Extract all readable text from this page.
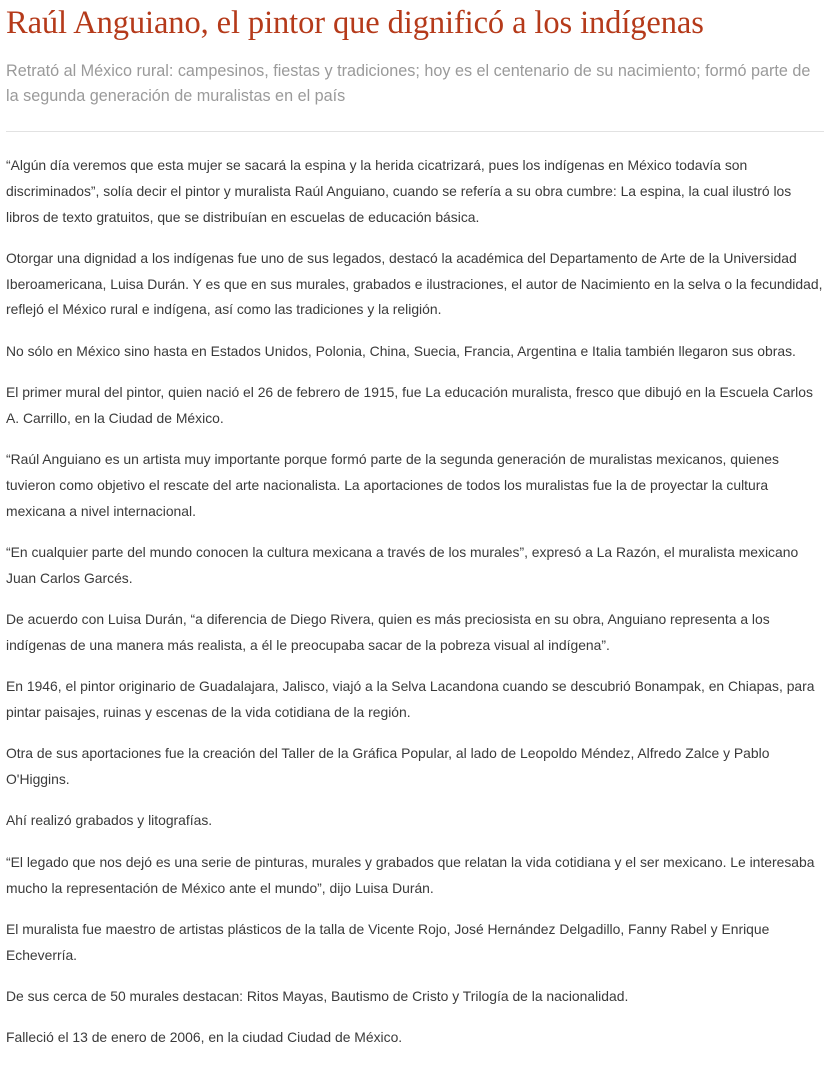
Raúl Anguiano, el pintor que dignificó a los indígenas

Retrató al México rural: campesinos, fiestas y tradiciones; hoy es el centenario de su nacimiento; formó parte de la segunda generación de muralistas en el país

“Algún día veremos que esta mujer se sacará la espina y la herida cicatrizará, pues los indígenas en México todavía son discriminados”, solía decir el pintor y muralista Raúl Anguiano, cuando se refería a su obra cumbre: La espina, la cual ilustró los libros de texto gratuitos, que se distribuían en escuelas de educación básica.

Otorgar una dignidad a los indígenas fue uno de sus legados, destacó la académica del Departamento de Arte de la Universidad Iberoamericana, Luisa Durán. Y es que en sus murales, grabados e ilustraciones, el autor de Nacimiento en la selva o la fecundidad, reflejó el México rural e indígena, así como las tradiciones y la religión.

No sólo en México sino hasta en Estados Unidos, Polonia, China, Suecia, Francia, Argentina e Italia también llegaron sus obras.

El primer mural del pintor, quien nació el 26 de febrero de 1915, fue La educación muralista, fresco que dibujó en la Escuela Carlos A. Carrillo, en la Ciudad de México.

“Raúl Anguiano es un artista muy importante porque formó parte de la segunda generación de muralistas mexicanos, quienes tuvieron como objetivo el rescate del arte nacionalista. La aportaciones de todos los muralistas fue la de proyectar la cultura mexicana a nivel internacional.

“En cualquier parte del mundo conocen la cultura mexicana a través de los murales”, expresó a La Razón, el muralista mexicano Juan Carlos Garcés.

De acuerdo con Luisa Durán, “a diferencia de Diego Rivera, quien es más preciosista en su obra, Anguiano representa a los indígenas de una manera más realista, a él le preocupaba sacar de la pobreza visual al indígena”.

En 1946, el pintor originario de Guadalajara, Jalisco, viajó a la Selva Lacandona cuando se descubrió Bonampak, en Chiapas, para pintar paisajes, ruinas y escenas de la vida cotidiana de la región.

Otra de sus aportaciones fue la creación del Taller de la Gráfica Popular, al lado de Leopoldo Méndez, Alfredo Zalce y Pablo O'Higgins.

Ahí realizó grabados y litografías.

“El legado que nos dejó es una serie de pinturas, murales y grabados que relatan la vida cotidiana y el ser mexicano. Le interesaba mucho la representación de México ante el mundo”, dijo Luisa Durán.

El muralista fue maestro de artistas plásticos de la talla de Vicente Rojo, José Hernández Delgadillo, Fanny Rabel y Enrique Echeverría.

De sus cerca de 50 murales destacan: Ritos Mayas, Bautismo de Cristo y Trilogía de la nacionalidad.

Falleció el 13 de enero de 2006, en la ciudad Ciudad de México.
